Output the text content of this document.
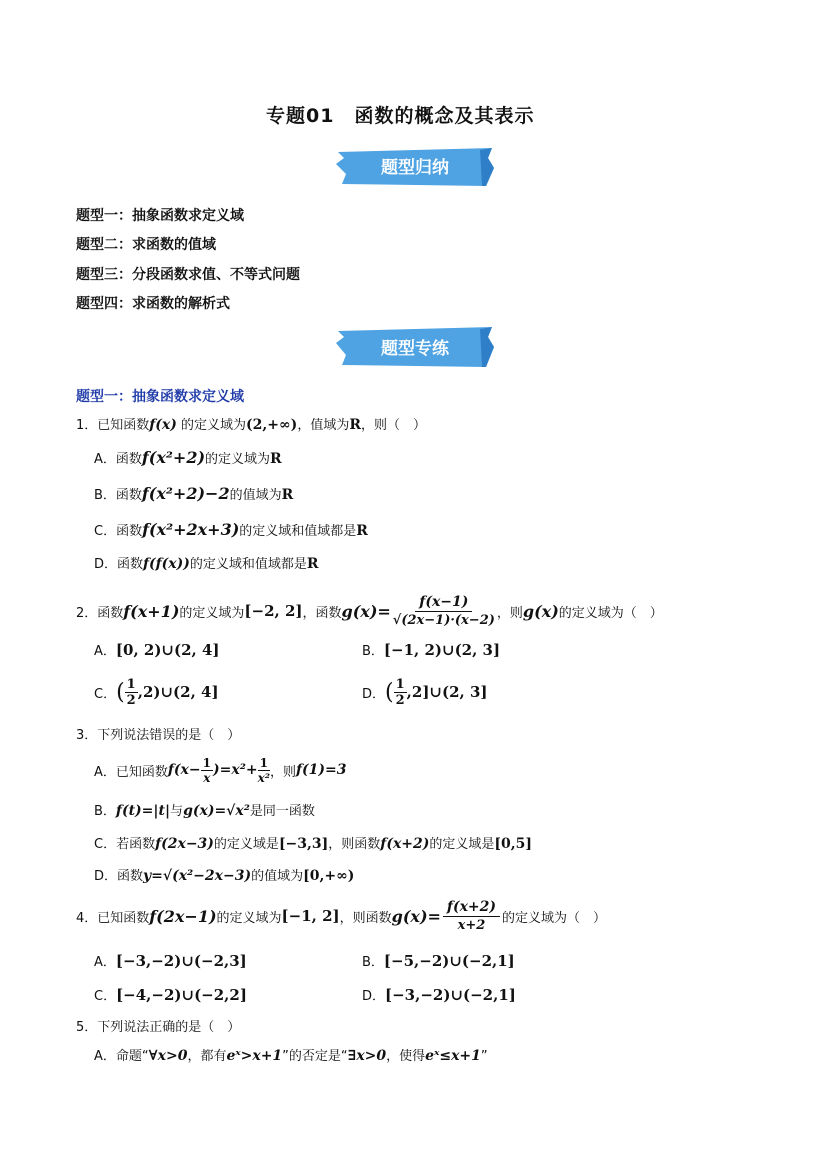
专题01　函数的概念及其表示
题型归纳
题型一：抽象函数求定义域
题型二：求函数的值域
题型三：分段函数求值、不等式问题
题型四：求函数的解析式
题型专练
题型一：抽象函数求定义域
1．已知函数f(x) 的定义域为(2,+∞)，值域为R，则（　）
A．函数f(x²+2)的定义域为R
B．函数f(x²+2)−2的值域为R
C．函数f(x²+2x+3)的定义域和值域都是R
D．函数f(f(x))的定义域和值域都是R
2．函数 f(x+1) 的定义域为 [−2, 2] ，函数 $g(x)= \frac{f(x-1)}{√(2x-1)\cdot(x-2)}$ ，则 g(x) 的定义域为（　）
A．[0, 2)∪(2, 4]	B．[−1, 2)∪(2, 3]
C． ( $\frac{1}{2}$ ,2)∪(2, 4]	D． ( $\frac{1}{2}$ ,2]∪(2, 3]
3．下列说法错误的是（　）
A．已知函数 $f(x- \frac{1}{x} )=x^2+ \frac{1}{\text{x²}}$ ，则 f(1)=3
B．f(t)=|t|与g(x)=√x²是同一函数
C．若函数f(2x−3)的定义域是[−3,3]，则函数f(x+2)的定义域是[0,5]
D．函数y=√(x²−2x−3)的值域为[0,+∞)
4．已知函数 f(2x−1) 的定义域为 [−1, 2] ，则函数 $g(x)= \frac{f(x+2)}{x+2}$ 的定义域为（　）
A．[−3,−2)∪(−2,3]	B．[−5,−2)∪(−2,1]
C．[−4,−2)∪(−2,2]	D．[−3,−2)∪(−2,1]
5．下列说法正确的是（　）
A．命题“∀x>0，都有eˣ>x+1”的否定是“∃x>0，使得eˣ≤x+1”
